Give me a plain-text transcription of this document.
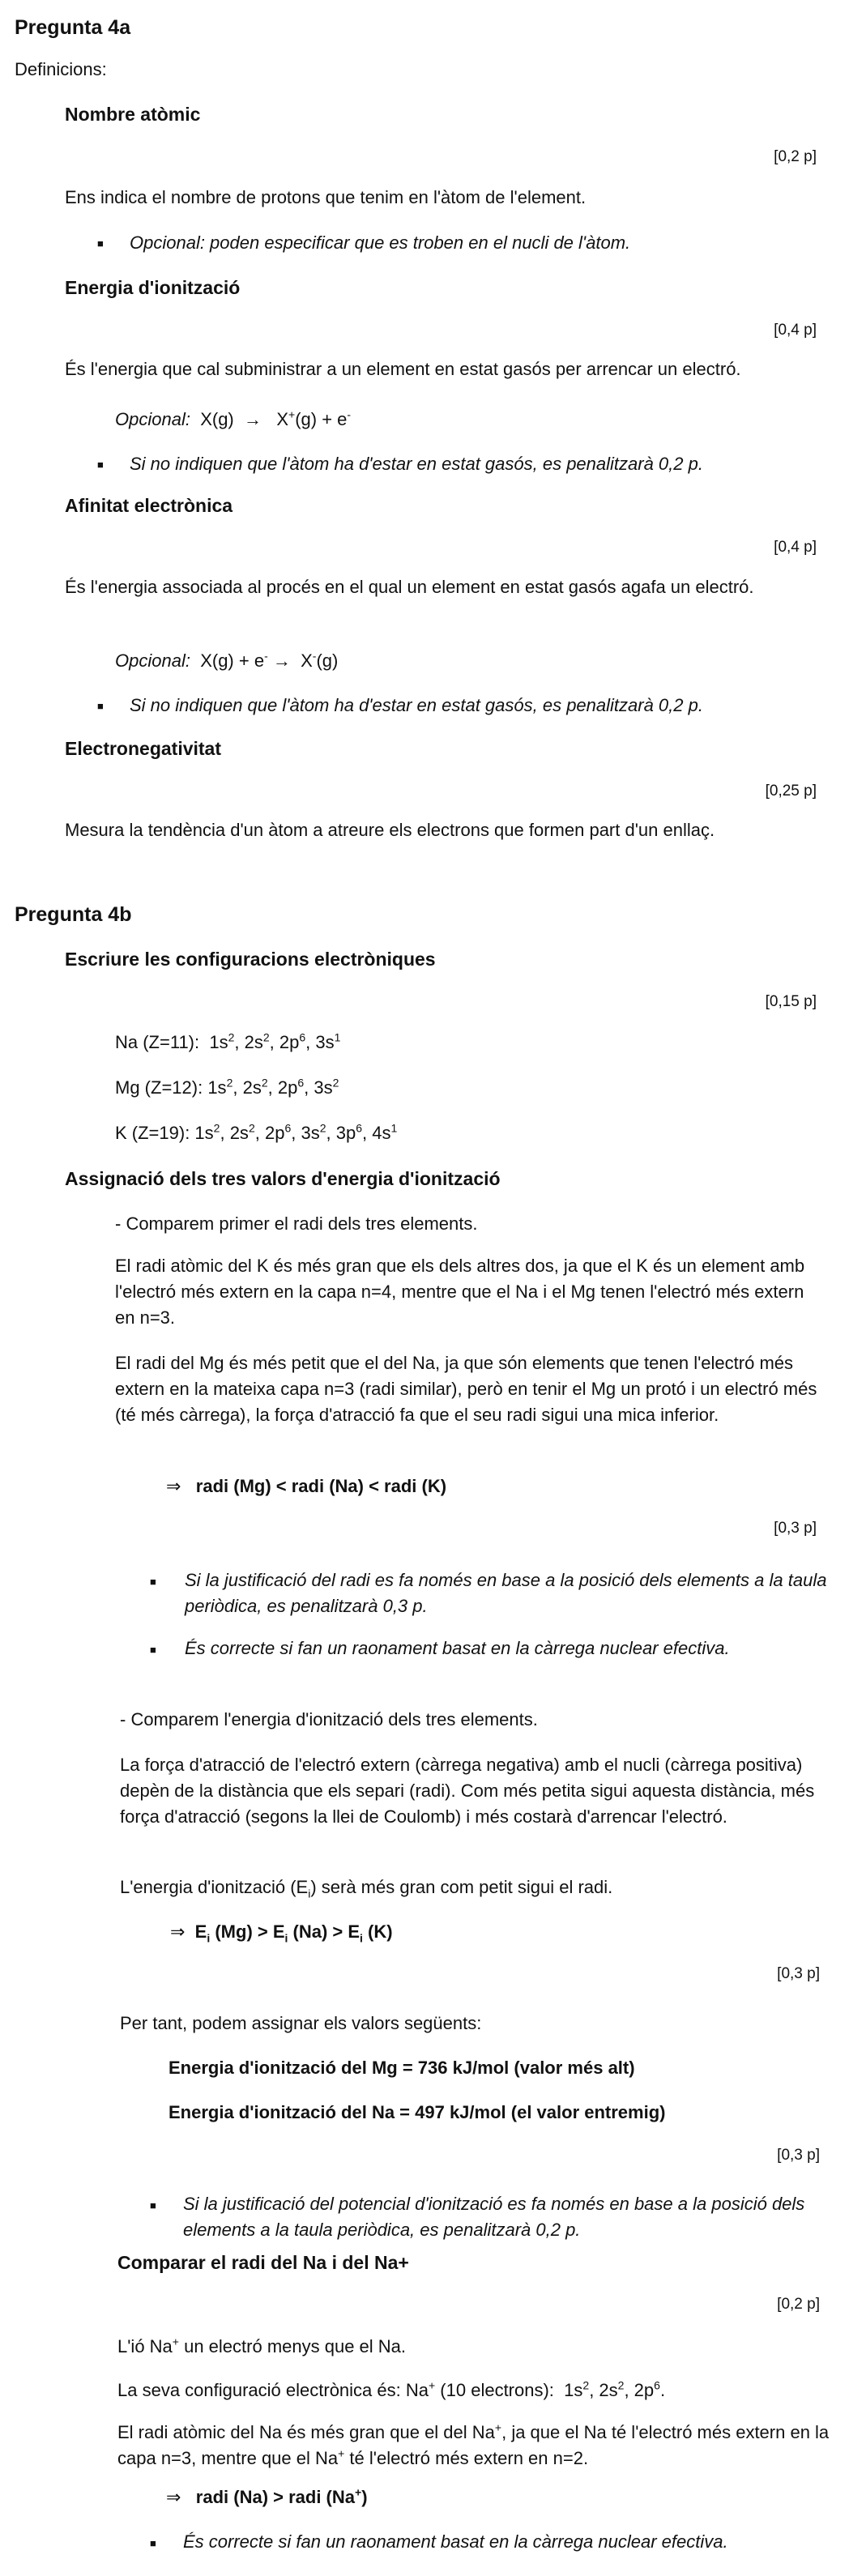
Pregunta 4a
Definicions:
Nombre atòmic
[0,2 p]
Ens indica el nombre de protons que tenim en l'àtom de l'element.
■ Opcional: poden especificar que es troben en el nucli de l'àtom.
Energia d'ionització
[0,4 p]
És l'energia que cal subministrar a un element en estat gasós per arrencar un electró.
Opcional: X(g) → X+(g) + e-
■ Si no indiquen que l'àtom ha d'estar en estat gasós, es penalitzarà 0,2 p.
Afinitat electrònica
[0,4 p]
És l'energia associada al procés en el qual un element en estat gasós agafa un electró.
Opcional: X(g) + e- → X-(g)
■ Si no indiquen que l'àtom ha d'estar en estat gasós, es penalitzarà 0,2 p.
Electronegativitat
[0,25 p]
Mesura la tendència d'un àtom a atreure els electrons que formen part d'un enllaç.
Pregunta 4b
Escriure les configuracions electròniques
[0,15 p]
Na (Z=11):  $1s^2$, $2s^2$, $2p^6$, $3s^1$
Mg (Z=12): $1s^2$, $2s^2$, $2p^6$, $3s^2$
K (Z=19): $1s^2$, $2s^2$, $2p^6$, $3s^2$, $3p^6$, $4s^1$
Assignació dels tres valors d'energia d'ionització
- Comparem primer el radi dels tres elements.
El radi atòmic del K és més gran que els dels altres dos, ja que el K és un element amb l'electró més extern en la capa n=4, mentre que el Na i el Mg tenen l'electró més extern en n=3.
El radi del Mg és més petit que el del Na, ja que són elements que tenen l'electró més extern en la mateixa capa n=3 (radi similar), però en tenir el Mg un protó i un electró més (té més càrrega), la força d'atracció fa que el seu radi sigui una mica inferior.
⇒ radi (Mg) < radi (Na) < radi (K)
[0,3 p]
■ Si la justificació del radi es fa només en base a la posició dels elements a la taula periòdica, es penalitzarà 0,3 p.
■ És correcte si fan un raonament basat en la càrrega nuclear efectiva.
- Comparem l'energia d'ionització dels tres elements.
La força d'atracció de l'electró extern (càrrega negativa) amb el nucli (càrrega positiva) depèn de la distància que els separi (radi). Com més petita sigui aquesta distància, més força d'atracció (segons la llei de Coulomb) i més costarà d'arrencar l'electró.
L'energia d'ionització $(E_i)$ serà més gran com petit sigui el radi.
⇒  $E_i$ $(Mg) > E_i$ $(Na) > E_i$ (K)
[0,3 p]
Per tant, podem assignar els valors següents:
Energia d'ionització del Mg = 736 kJ/mol (valor més alt)
Energia d'ionització del Na = 497 kJ/mol (el valor entremig)
[0,3 p]
■ Si la justificació del potencial d'ionització es fa només en base a la posició dels elements a la taula periòdica, es penalitzarà 0,2 p.
Comparar el radi del Na i del Na+
[0,2 p]
L'ió Na+ un electró menys que el Na.
La seva configuració electrònica és: Na+ (10 electrons):  $1s^2$, $2s^2$, $2p^6$.
El radi atòmic del Na és més gran que el del Na+, ja que el Na té l'electró més extern en la capa n=3, mentre que el Na+ té l'electró més extern en n=2.
⇒ radi (Na) > radi (Na+)
■ És correcte si fan un raonament basat en la càrrega nuclear efectiva.
